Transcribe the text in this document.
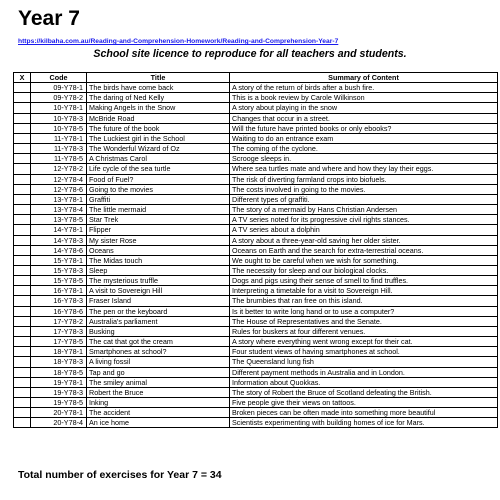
Year 7
https://kilbaha.com.au/Reading-and-Comprehension-Homework/Reading-and-Comprehension-Year-7
School site licence to reproduce for all teachers and students.
X	Code	Title	Summary of Content
	09-Y78-1	The birds have come back	A story of the return of birds after a bush fire.
	09-Y78-2	The daring of Ned Kelly	This is a book review by Carole Wilkinson
	10-Y78-1	Making Angels in the Snow	A story about playing in the snow
	10-Y78-3	McBride Road	Changes that occur in a street.
	10-Y78-5	The future of the book	Will the future have printed books or only ebooks?
	11-Y78-1	The Luckiest girl in the School	Waiting to do an entrance exam
	11-Y78-3	The Wonderful Wizard of Oz	The coming of the cyclone.
	11-Y78-5	A Christmas Carol	Scrooge sleeps in.
	12-Y78-2	Life cycle of the sea turtle	Where sea turtles mate and where and how they lay their eggs.
	12-Y78-4	Food of Fuel?	The risk of diverting farmland crops into biofuels.
	12-Y78-6	Going to the movies	The costs involved in going to the movies.
	13-Y78-1	Graffiti	Different types of graffiti.
	13-Y78-4	The little mermaid	The story of a mermaid by Hans Christian Andersen
	13-Y78-5	Star Trek	A TV series noted for its progressive civil rights stances.
	14-Y78-1	Flipper	A TV series about a dolphin
	14-Y78-3	My sister Rose	A story about a three-year-old saving her older sister.
	14-Y78-6	Oceans	Oceans on Earth and the search for extra-terrestrial oceans.
	15-Y78-1	The Midas touch	We ought to be careful when we wish for something.
	15-Y78-3	Sleep	The necessity for sleep and our biological clocks.
	15-Y78-5	The mysterious truffle	Dogs and pigs using their sense of smell to find truffles.
	16-Y78-1	A visit to Sovereign Hill	Interpreting a timetable for a visit to Sovereign Hill.
	16-Y78-3	Fraser Island	The brumbies that ran free on this island.
	16-Y78-6	The pen or the keyboard	Is it better to write long hand or to use a computer?
	17-Y78-2	Australia's parliament	The House of Representatives and the Senate.
	17-Y78-3	Busking	Rules for buskers at four different venues.
	17-Y78-5	The cat that got the cream	A story where everything went wrong except for their cat.
	18-Y78-1	Smartphones at school?	Four student views of having smartphones at school.
	18-Y78-3	A living fossil	The Queensland lung fish
	18-Y78-5	Tap and go	Different payment methods in Australia and in London.
	19-Y78-1	The smiley animal	Information about Quokkas.
	19-Y78-3	Robert the Bruce	The story of Robert the Bruce of Scotland defeating the British.
	19-Y78-5	Inking	Five people give their views on tattoos.
	20-Y78-1	The accident	Broken pieces can be often made into something more beautiful
	20-Y78-4	An ice home	Scientists experimenting with building homes of ice for Mars.
Total number of exercises for Year 7 = 34
